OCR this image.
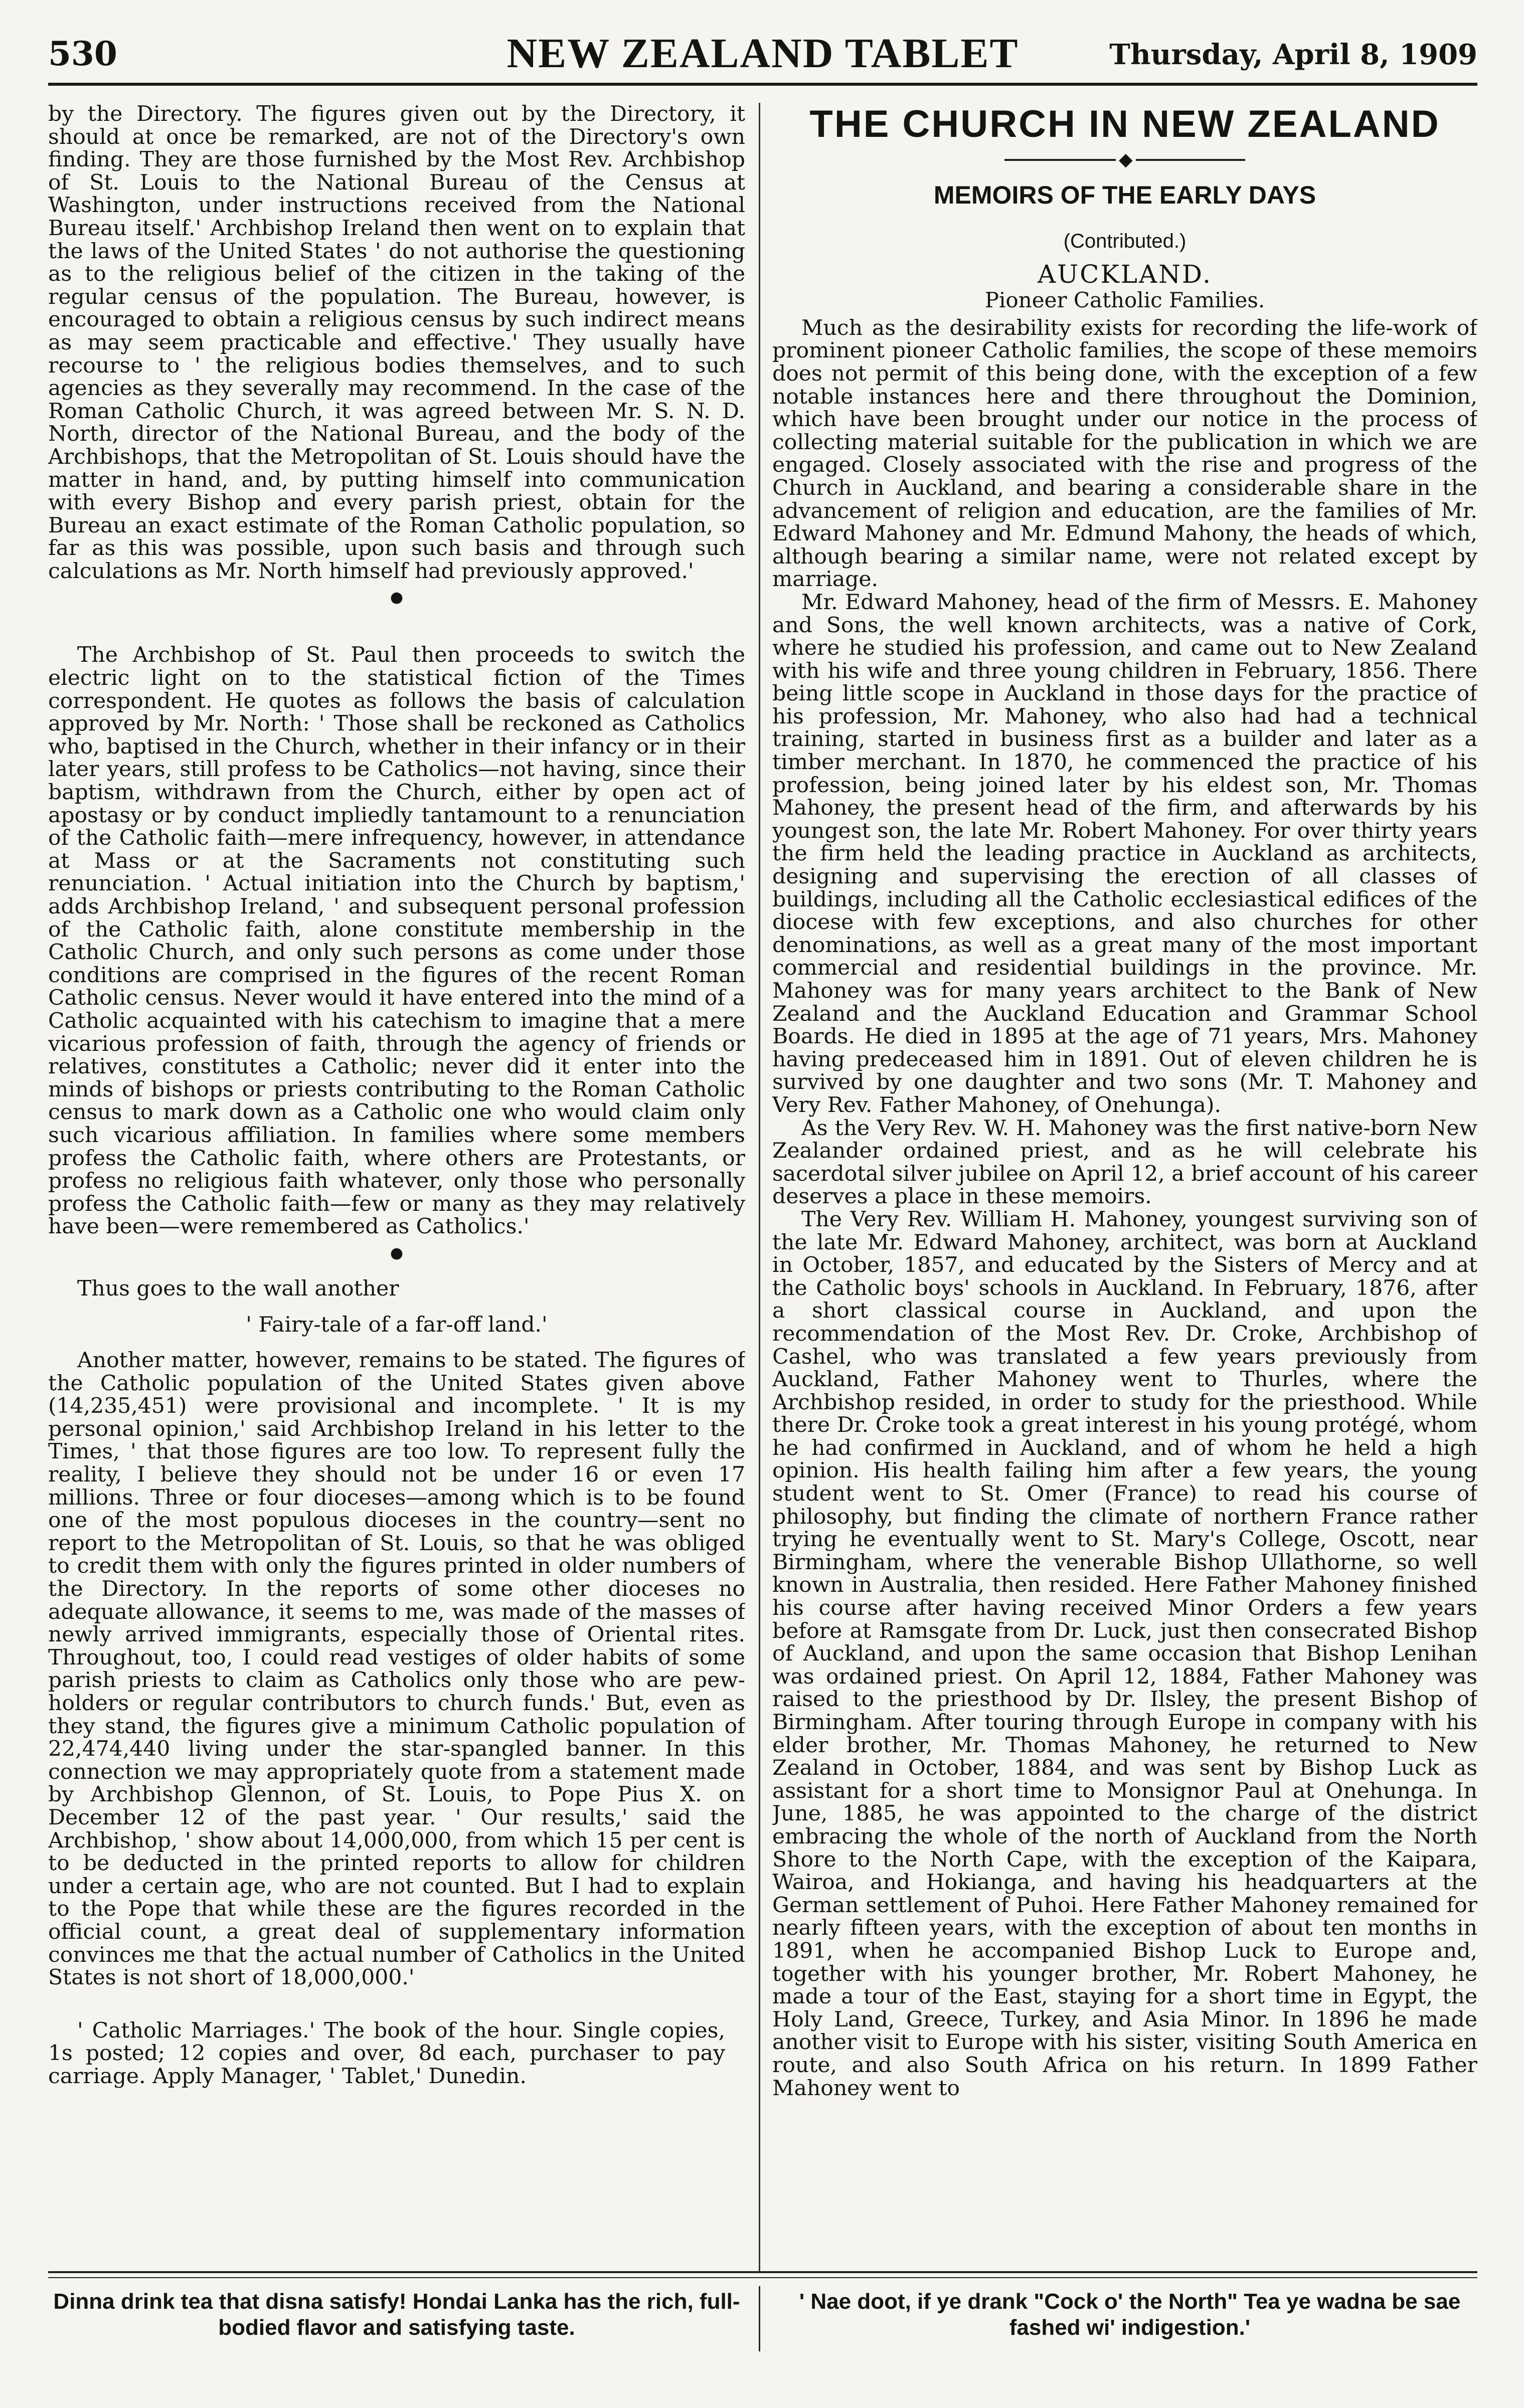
530	NEW ZEALAND TABLET	Thursday, April 8, 1909

by the Directory. The figures given out by the Directory, it should at once be remarked, are not of the Directory's own finding. They are those furnished by the Most Rev. Archbishop of St. Louis to the National Bureau of the Census at Washington, under instructions received from the National Bureau itself.' Archbishop Ireland then went on to explain that the laws of the United States ' do not authorise the questioning as to the religious belief of the citizen in the taking of the regular census of the population. The Bureau, however, is encouraged to obtain a religious census by such indirect means as may seem practicable and effective.' They usually have recourse to ' the religious bodies themselves, and to such agencies as they severally may recommend. In the case of the Roman Catholic Church, it was agreed between Mr. S. N. D. North, director of the National Bureau, and the body of the Archbishops, that the Metropolitan of St. Louis should have the matter in hand, and, by putting himself into communication with every Bishop and every parish priest, obtain for the Bureau an exact estimate of the Roman Catholic population, so far as this was possible, upon such basis and through such calculations as Mr. North himself had previously approved.'

●

The Archbishop of St. Paul then proceeds to switch the electric light on to the statistical fiction of the Times correspondent. He quotes as follows the basis of calculation approved by Mr. North: ' Those shall be reckoned as Catholics who, baptised in the Church, whether in their infancy or in their later years, still profess to be Catholics—not having, since their baptism, withdrawn from the Church, either by open act of apostasy or by conduct impliedly tantamount to a renunciation of the Catholic faith—mere infrequency, however, in attendance at Mass or at the Sacraments not constituting such renunciation. ' Actual initiation into the Church by baptism,' adds Archbishop Ireland, ' and subsequent personal profession of the Catholic faith, alone constitute membership in the Catholic Church, and only such persons as come under those conditions are comprised in the figures of the recent Roman Catholic census. Never would it have entered into the mind of a Catholic acquainted with his catechism to imagine that a mere vicarious profession of faith, through the agency of friends or relatives, constitutes a Catholic; never did it enter into the minds of bishops or priests contributing to the Roman Catholic census to mark down as a Catholic one who would claim only such vicarious affiliation. In families where some members profess the Catholic faith, where others are Protestants, or profess no religious faith whatever, only those who personally profess the Catholic faith—few or many as they may relatively have been—were remembered as Catholics.'

●

Thus goes to the wall another

' Fairy-tale of a far-off land.'

Another matter, however, remains to be stated. The figures of the Catholic population of the United States given above (14,235,451) were provisional and incomplete. ' It is my personal opinion,' said Archbishop Ireland in his letter to the Times, ' that those figures are too low. To represent fully the reality, I believe they should not be under 16 or even 17 millions. Three or four dioceses—among which is to be found one of the most populous dioceses in the country—sent no report to the Metropolitan of St. Louis, so that he was obliged to credit them with only the figures printed in older numbers of the Directory. In the reports of some other dioceses no adequate allowance, it seems to me, was made of the masses of newly arrived immigrants, especially those of Oriental rites. Throughout, too, I could read vestiges of older habits of some parish priests to claim as Catholics only those who are pew-holders or regular contributors to church funds.' But, even as they stand, the figures give a minimum Catholic population of 22,474,440 living under the star-spangled banner. In this connection we may appropriately quote from a statement made by Archbishop Glennon, of St. Louis, to Pope Pius X. on December 12 of the past year. ' Our results,' said the Archbishop, ' show about 14,000,000, from which 15 per cent is to be deducted in the printed reports to allow for children under a certain age, who are not counted. But I had to explain to the Pope that while these are the figures recorded in the official count, a great deal of supplementary information convinces me that the actual number of Catholics in the United States is not short of 18,000,000.'

' Catholic Marriages.' The book of the hour. Single copies, 1s posted; 12 copies and over, 8d each, purchaser to pay carriage. Apply Manager, ' Tablet,' Dunedin.

THE CHURCH IN NEW ZEALAND
◆
MEMOIRS OF THE EARLY DAYS
(Contributed.)
AUCKLAND.
Pioneer Catholic Families.

Much as the desirability exists for recording the life-work of prominent pioneer Catholic families, the scope of these memoirs does not permit of this being done, with the exception of a few notable instances here and there throughout the Dominion, which have been brought under our notice in the process of collecting material suitable for the publication in which we are engaged. Closely associated with the rise and progress of the Church in Auckland, and bearing a considerable share in the advancement of religion and education, are the families of Mr. Edward Mahoney and Mr. Edmund Mahony, the heads of which, although bearing a similar name, were not related except by marriage.

Mr. Edward Mahoney, head of the firm of Messrs. E. Mahoney and Sons, the well known architects, was a native of Cork, where he studied his profession, and came out to New Zealand with his wife and three young children in February, 1856. There being little scope in Auckland in those days for the practice of his profession, Mr. Mahoney, who also had had a technical training, started in business first as a builder and later as a timber merchant. In 1870, he commenced the practice of his profession, being joined later by his eldest son, Mr. Thomas Mahoney, the present head of the firm, and afterwards by his youngest son, the late Mr. Robert Mahoney. For over thirty years the firm held the leading practice in Auckland as architects, designing and supervising the erection of all classes of buildings, including all the Catholic ecclesiastical edifices of the diocese with few exceptions, and also churches for other denominations, as well as a great many of the most important commercial and residential buildings in the province. Mr. Mahoney was for many years architect to the Bank of New Zealand and the Auckland Education and Grammar School Boards. He died in 1895 at the age of 71 years, Mrs. Mahoney having predeceased him in 1891. Out of eleven children he is survived by one daughter and two sons (Mr. T. Mahoney and Very Rev. Father Mahoney, of Onehunga).

As the Very Rev. W. H. Mahoney was the first native-born New Zealander ordained priest, and as he will celebrate his sacerdotal silver jubilee on April 12, a brief account of his career deserves a place in these memoirs.

The Very Rev. William H. Mahoney, youngest surviving son of the late Mr. Edward Mahoney, architect, was born at Auckland in October, 1857, and educated by the Sisters of Mercy and at the Catholic boys' schools in Auckland. In February, 1876, after a short classical course in Auckland, and upon the recommendation of the Most Rev. Dr. Croke, Archbishop of Cashel, who was translated a few years previously from Auckland, Father Mahoney went to Thurles, where the Archbishop resided, in order to study for the priesthood. While there Dr. Croke took a great interest in his young protégé, whom he had confirmed in Auckland, and of whom he held a high opinion. His health failing him after a few years, the young student went to St. Omer (France) to read his course of philosophy, but finding the climate of northern France rather trying he eventually went to St. Mary's College, Oscott, near Birmingham, where the venerable Bishop Ullathorne, so well known in Australia, then resided. Here Father Mahoney finished his course after having received Minor Orders a few years before at Ramsgate from Dr. Luck, just then consecrated Bishop of Auckland, and upon the same occasion that Bishop Lenihan was ordained priest. On April 12, 1884, Father Mahoney was raised to the priesthood by Dr. Ilsley, the present Bishop of Birmingham. After touring through Europe in company with his elder brother, Mr. Thomas Mahoney, he returned to New Zealand in October, 1884, and was sent by Bishop Luck as assistant for a short time to Monsignor Paul at Onehunga. In June, 1885, he was appointed to the charge of the district embracing the whole of the north of Auckland from the North Shore to the North Cape, with the exception of the Kaipara, Wairoa, and Hokianga, and having his headquarters at the German settlement of Puhoi. Here Father Mahoney remained for nearly fifteen years, with the exception of about ten months in 1891, when he accompanied Bishop Luck to Europe and, together with his younger brother, Mr. Robert Mahoney, he made a tour of the East, staying for a short time in Egypt, the Holy Land, Greece, Turkey, and Asia Minor. In 1896 he made another visit to Europe with his sister, visiting South America en route, and also South Africa on his return. In 1899 Father Mahoney went to

Dinna drink tea that disna satisfy! Hondai Lanka has the rich, full-bodied flavor and satisfying taste.
' Nae doot, if ye drank "Cock o' the North" Tea ye wadna be sae fashed wi' indigestion.'
